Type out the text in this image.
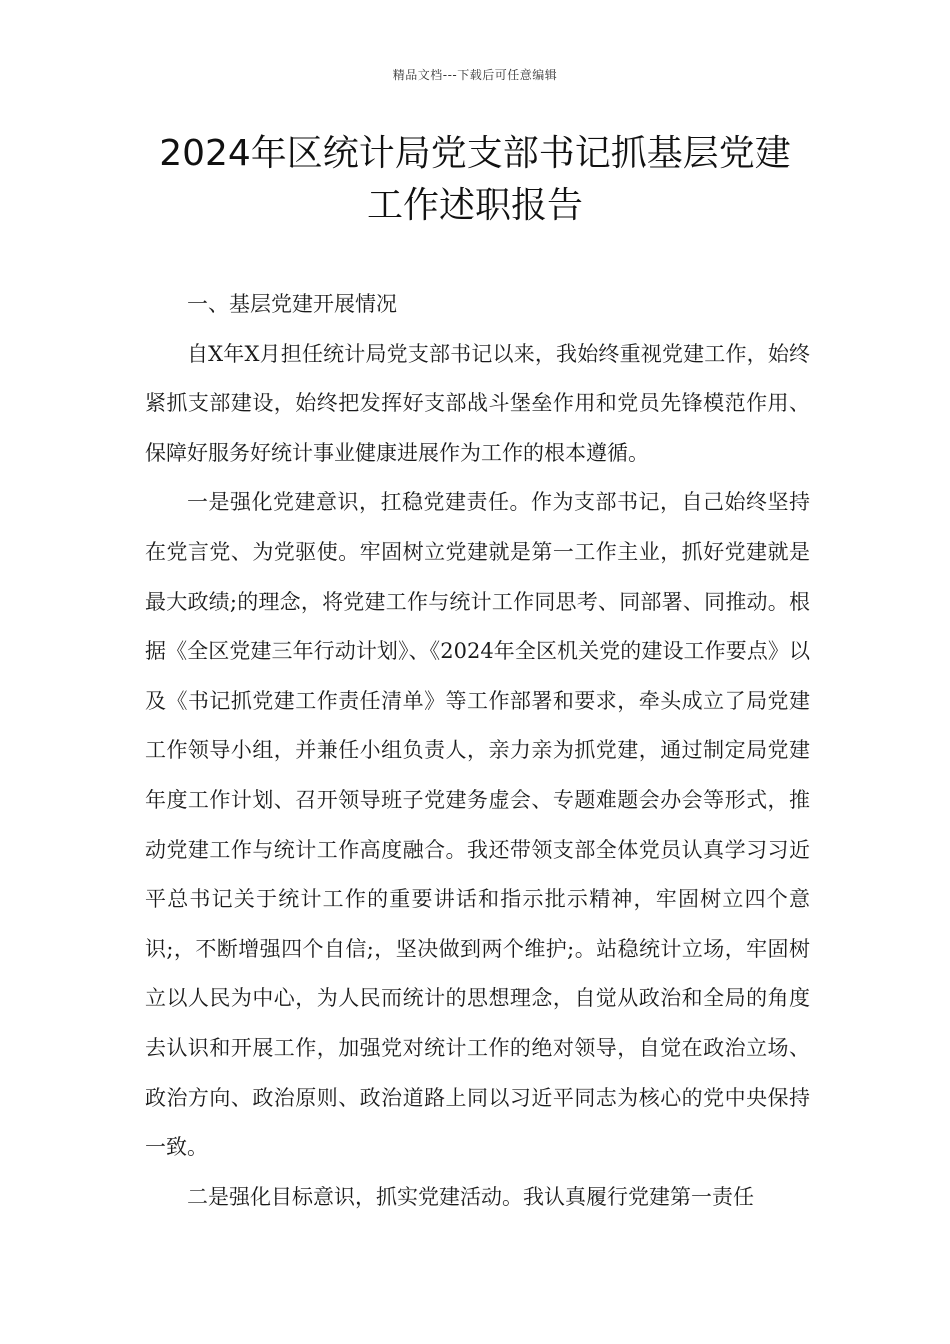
精品文档---下载后可任意编辑
2024年区统计局党支部书记抓基层党建
工作述职报告

一、基层党建开展情况

自X年X月担任统计局党支部书记以来，我始终重视党建工作，始终紧抓支部建设，始终把发挥好支部战斗堡垒作用和党员先锋模范作用、保障好服务好统计事业健康进展作为工作的根本遵循。

一是强化党建意识，扛稳党建责任。作为支部书记，自己始终坚持在党言党、为党驱使。牢固树立党建就是第一工作主业，抓好党建就是最大政绩;的理念，将党建工作与统计工作同思考、同部署、同推动。根据《全区党建三年行动计划》、《2024年全区机关党的建设工作要点》以及《书记抓党建工作责任清单》等工作部署和要求，牵头成立了局党建工作领导小组，并兼任小组负责人，亲力亲为抓党建，通过制定局党建年度工作计划、召开领导班子党建务虚会、专题难题会办会等形式，推动党建工作与统计工作高度融合。我还带领支部全体党员认真学习习近平总书记关于统计工作的重要讲话和指示批示精神，牢固树立四个意识;，不断增强四个自信;，坚决做到两个维护;。站稳统计立场，牢固树立以人民为中心，为人民而统计的思想理念，自觉从政治和全局的角度去认识和开展工作，加强党对统计工作的绝对领导，自觉在政治立场、政治方向、政治原则、政治道路上同以习近平同志为核心的党中央保持一致。

二是强化目标意识，抓实党建活动。我认真履行党建第一责任
